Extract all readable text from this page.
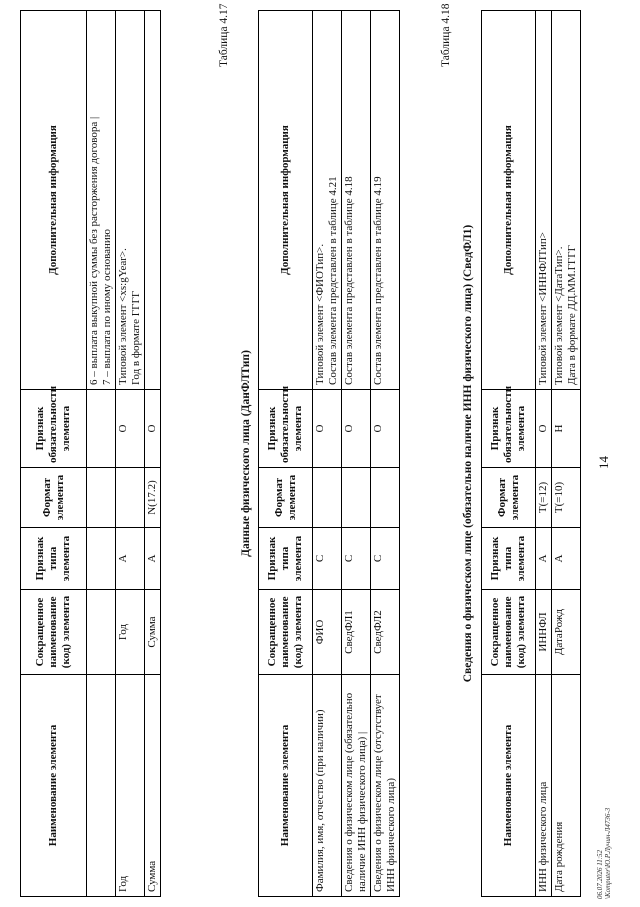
Наименование элемента	Сокращенное наименование (код) элемента	Признак типа элемента	Формат элемента	Признак обязательности элемента	Дополнительная информация

					6 – выплата выкупной суммы без расторжения договора | 7 – выплата по иному основанию

Год	Год	А		О	Типовой элемент <xs:gYear>. Год в формате ГГГГ

Сумма	Сумма	А	N(17.2)	О	
Таблица 4.17
Данные физического лица (ДанФЛТип)
Наименование элемента	Сокращенное наименование (код) элемента	Признак типа элемента	Формат элемента	Признак обязательности элемента	Дополнительная информация
Фамилия, имя, отчество (при наличии)	ФИО	С		О	Типовой элемент <ФИОТип>. Состав элемента представлен в таблице 4.21

Сведения о физическом лице (обязательно наличие ИНН физического лица) |	СведФЛ1	С		О	Состав элемента представлен в таблице 4.18

Сведения о физическом лице (отсутствует ИНН физического лица)	СведФЛ2	С		О	Состав элемента представлен в таблице 4.19
Таблица 4.18
Сведения о физическом лице (обязательно наличие ИНН физического лица) (СведФЛ1)
Наименование элемента	Сокращенное наименование (код) элемента	Признак типа элемента	Формат элемента	Признак обязательности элемента	Дополнительная информация
ИНН физического лица	ИННФЛ	А	T(=12)	О	Типовой элемент <ИННФЛТип>

Дата рождения	ДатаРожд	А	T(=10)	Н	Типовой элемент <ДатаТип>. Дата в формате ДД.ММ.ГГГГ
06.07.2026 11:52 \Komputer\Ю.Р.Лучин-Л4736-3
14
